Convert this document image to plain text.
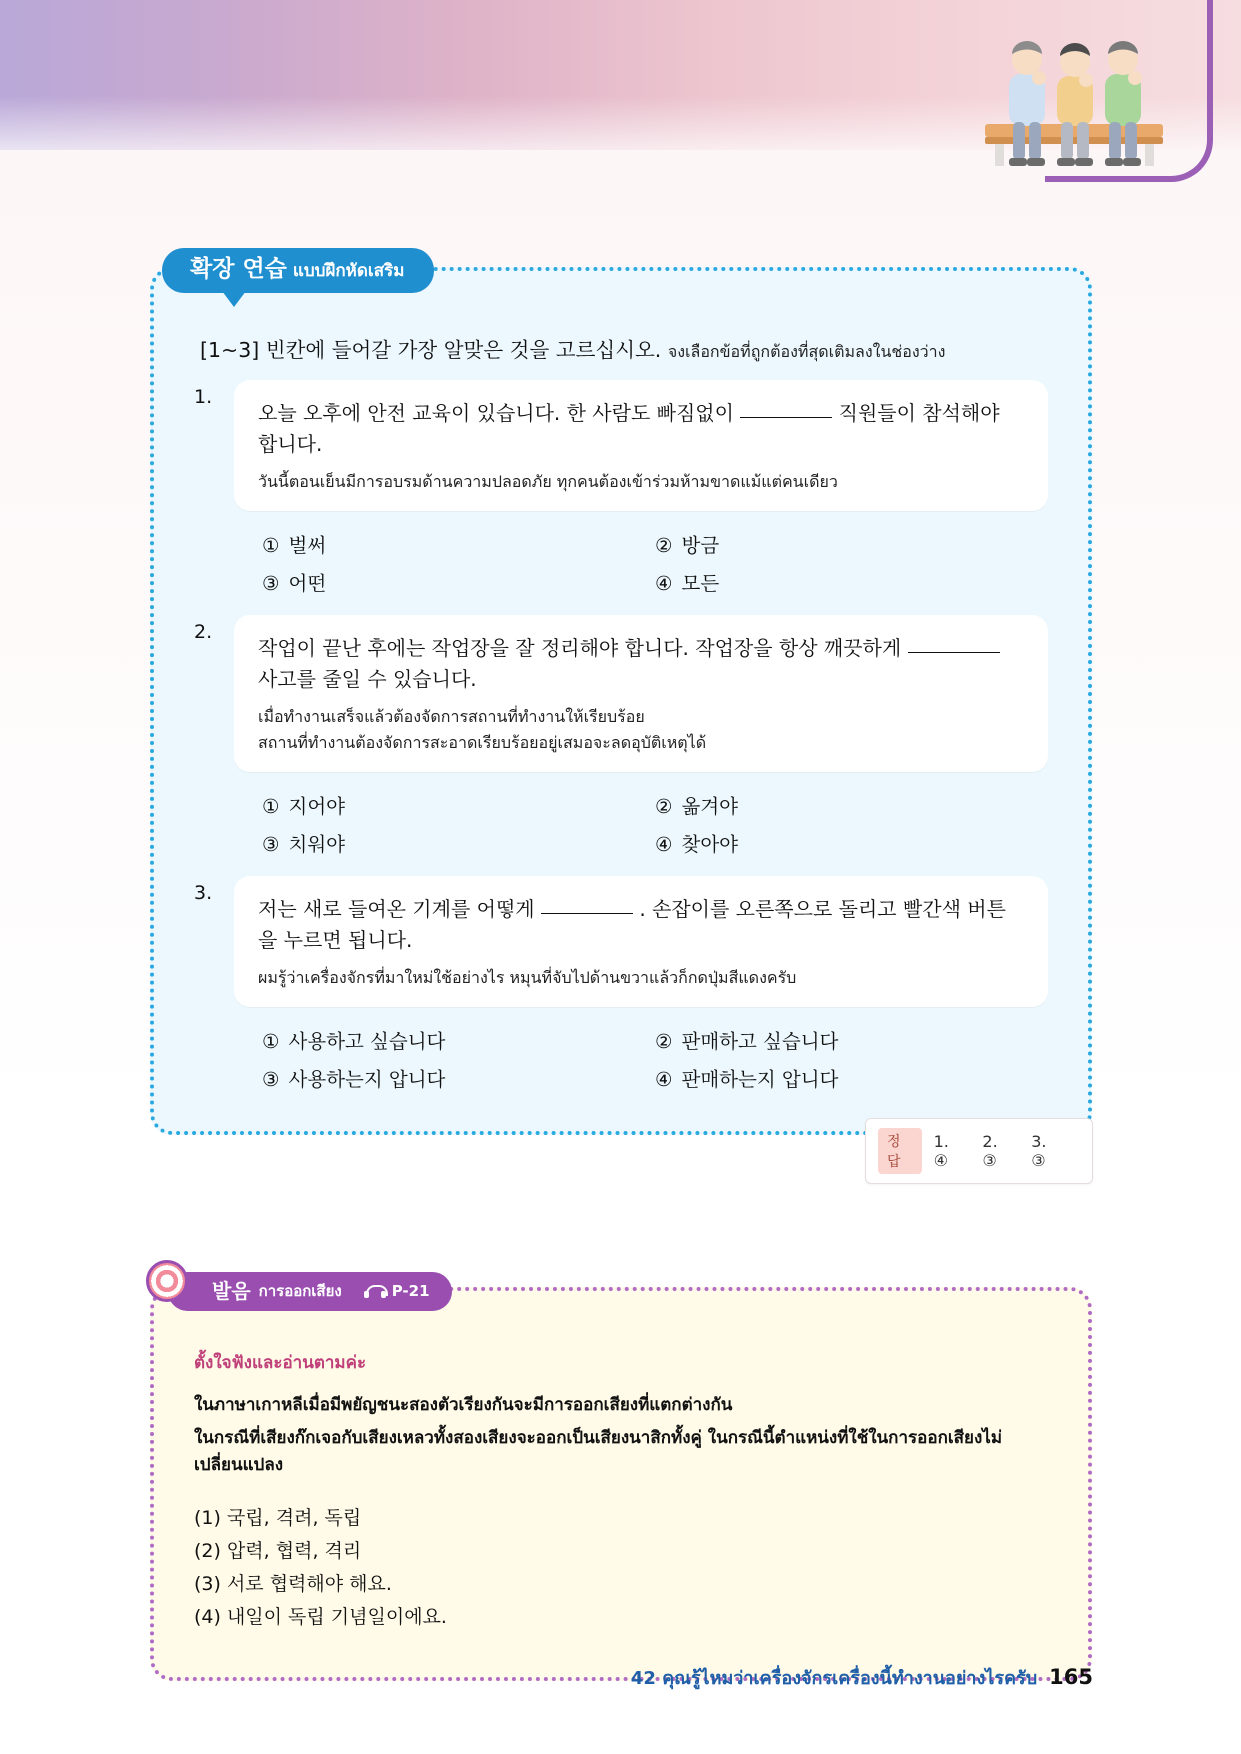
확장 연습 แบบฝึกหัดเสริม

[1~3] 빈칸에 들어갈 가장 알맞은 것을 고르십시오. จงเลือกข้อที่ถูกต้องที่สุดเติมลงในช่องว่าง

1.

오늘 오후에 안전 교육이 있습니다. 한 사람도 빠짐없이	직원들이 참석해야 합니다.

วันนี้ตอนเย็นมีการอบรมด้านความปลอดภัย ทุกคนต้องเข้าร่วมห้ามขาดแม้แต่คนเดียว

① 벌써	② 방금
③ 어떤	④ 모든
2.

작업이 끝난 후에는 작업장을 잘 정리해야 합니다. 작업장을 항상 깨끗하게  사고를 줄일 수 있습니다.

เมื่อทำงานเสร็จแล้วต้องจัดการสถานที่ทำงานให้เรียบร้อย

สถานที่ทำงานต้องจัดการสะอาดเรียบร้อยอยู่เสมอจะลดอุบัติเหตุได้

① 지어야	② 옮겨야
③ 치워야	④ 찾아야
3.

저는 새로 들여온 기계를 어떻게	. 손잡이를 오른쪽으로 돌리고 빨간색 버튼을 누르면 됩니다.

ผมรู้ว่าเครื่องจักรที่มาใหม่ใช้อย่างไร หมุนที่จับไปด้านขวาแล้วก็กดปุ่มสีแดงครับ

① 사용하고 싶습니다	② 판매하고 싶습니다
③ 사용하는지 압니다	④ 판매하는지 압니다
정답
1. ④
2. ③
3. ③
발음 การออกเสียง	P-21

ตั้งใจฟังและอ่านตามค่ะ

ในภาษาเกาหลีเมื่อมีพยัญชนะสองตัวเรียงกันจะมีการออกเสียงที่แตกต่างกัน

ในกรณีที่เสียงก๊กเจอกับเสียงเหลวทั้งสองเสียงจะออกเป็นเสียงนาสิกทั้งคู่ ในกรณีนี้ตำแหน่งที่ใช้ในการออกเสียงไม่เปลี่ยนแปลง

(1) 국립, 격려, 독립
(2) 압력, 협력, 격리
(3) 서로 협력해야 해요.
(4) 내일이 독립 기념일이에요.
42 คุณรู้ไหมว่าเครื่องจักรเครื่องนี้ทำงานอย่างไรครับ 165
